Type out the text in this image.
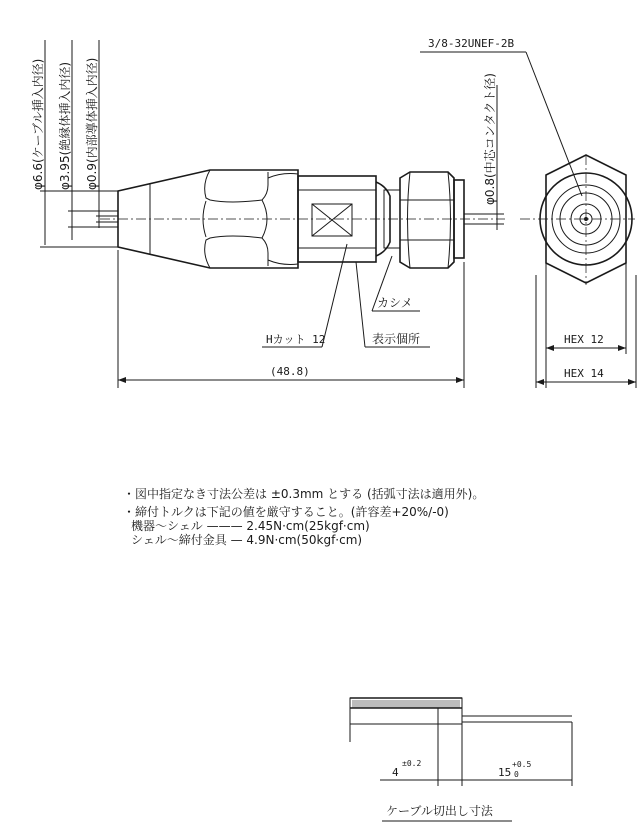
φ6.6(ケーブル挿入内径) φ3.95(絶縁体挿入内径) φ0.9(内部導体挿入内径)	φ0.8(中芯コンタクト径)
3/8-32UNEF-2B
Hカット 12	表示個所
カシメ
(48.8)
HEX 12
HEX 14
4
±0.2
15
+0.5
0
ケーブル切出し寸法
・図中指定なき寸法公差は ±0.3mm とする (括弧寸法は適用外)。
・締付トルクは下記の値を厳守すること。(許容差+20%/-0)
機器～シェル ——— 2.45N·cm(25kgf·cm)
シェル～締付金具 — 4.9N·cm(50kgf·cm)
